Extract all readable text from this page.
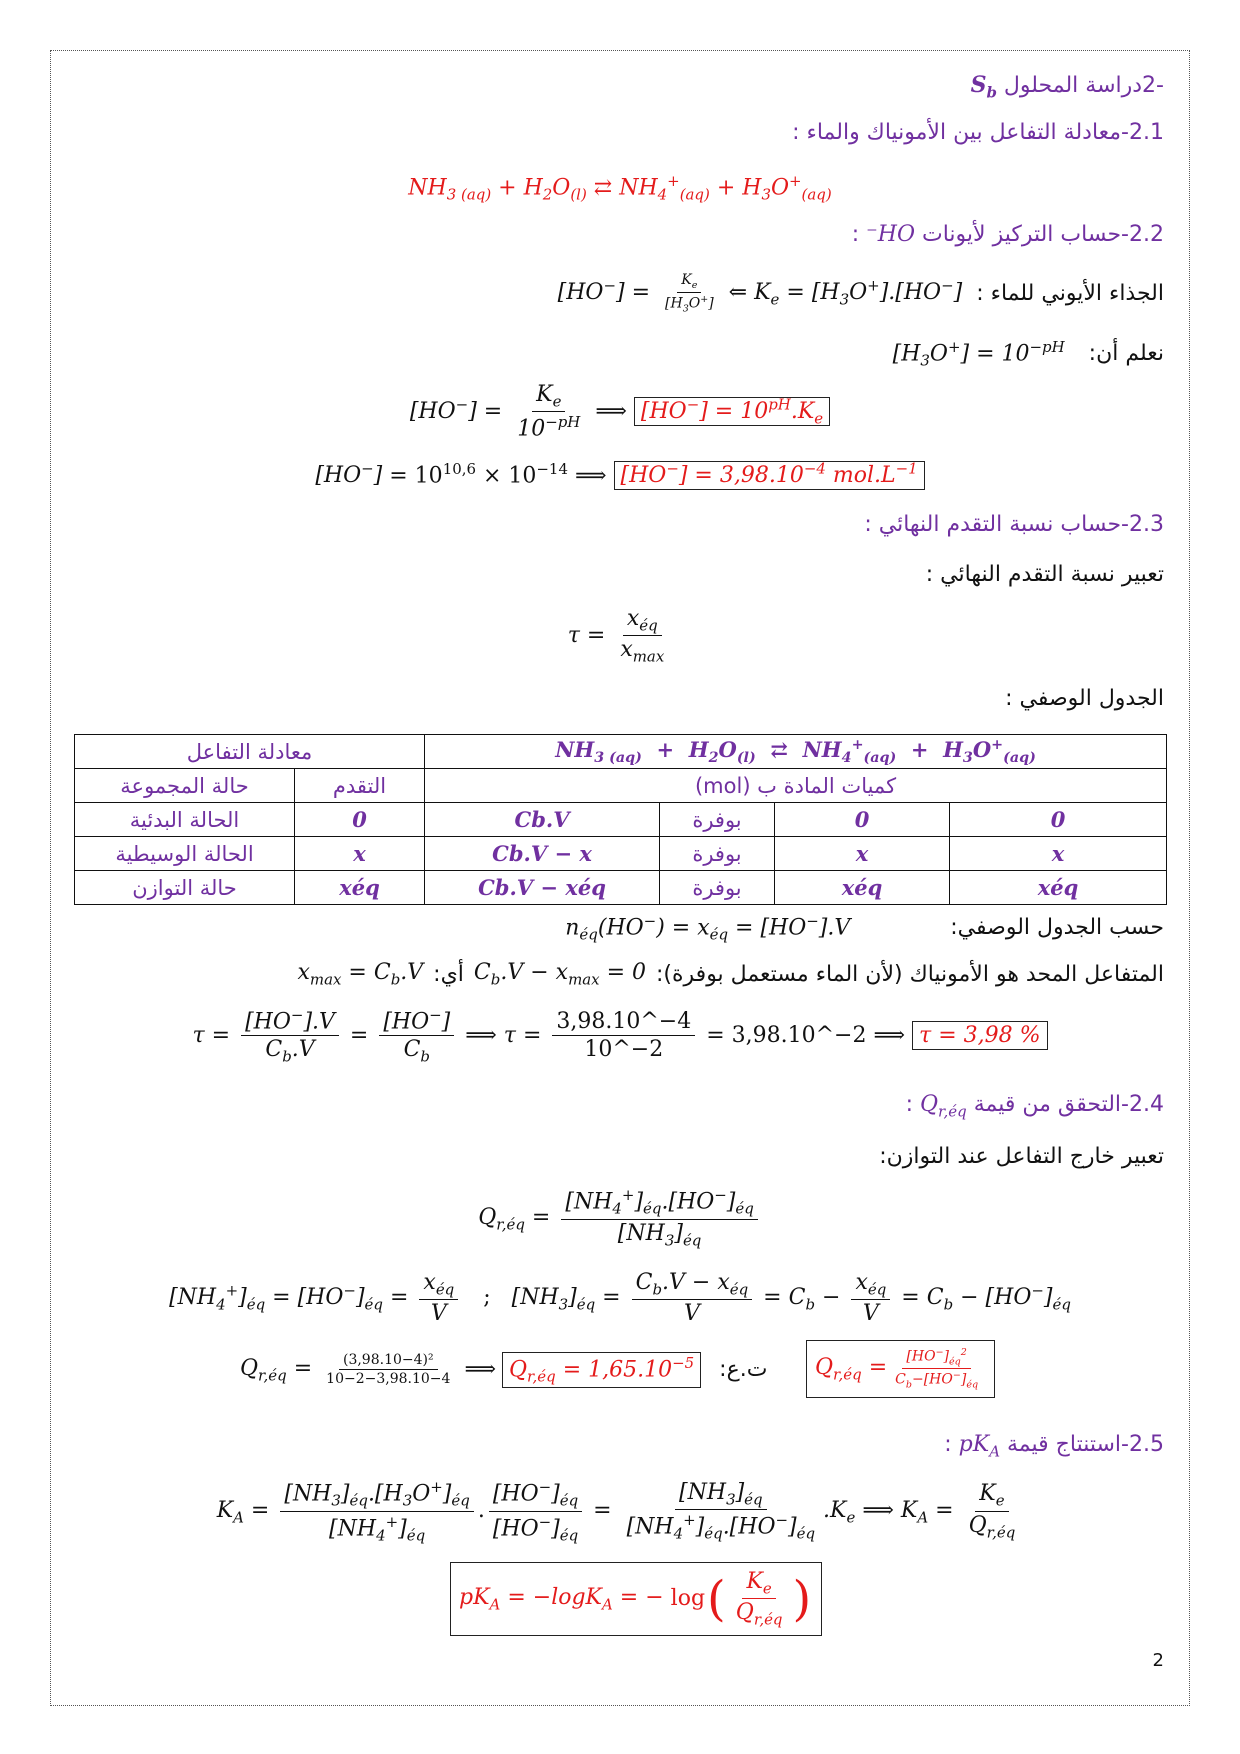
-2دراسة المحلول $S_b$
2.1-معادلة التفاعل بين الأمونياك والماء :
$NH_{3 (aq)} + H_2O_{(l)}$ ⇄ $NH_4^+_{(aq)} + H_3O^+_{(aq)}$
2.2-حساب التركيز لأيونات HO⁻ :
الجذاء الأيوني للماء :
$[HO^-] = \frac{K_e}{[H_3O^+]}$ ⇐ $K_e = [H_3O^+].[HO^-]$
نعلم أن:
$[H_3O^+] = 10^{-pH}$
$[HO^-] = \frac{K_e}{10^{-pH}}$ ⟹ $[HO^-] = 10^{pH}.K_e$
$[HO^-] = 10^{10,6} \times 10^{-14}$ ⟹ $[HO^-] = 3,98.10^{-4}$ $mol.L^{-1}$
2.3-حساب نسبة التقدم النهائي :
تعبير نسبة التقدم النهائي :
$\tau = \frac{x_{éq}}{x_{max}}$
الجدول الوصفي :
معادلة التفاعل		$NH_{3 (aq)} + H_2O_{(l)}$  ⇄  $NH_4^+_{(aq)} + H_3O^+_{(aq)}$
حالة المجموعة	التقدم	كميات المادة ب (mol)			
الحالة البدئية	0	Cb.V	بوفرة	0	0
الحالة الوسيطية	x	Cb.V − x	بوفرة	x	x
حالة التوازن	xéq	Cb.V − xéq	بوفرة	xéq	xéq
حسب الجدول الوصفي:
$n_{éq}(HO^-) = x_{éq} = [HO^-].V$
المتفاعل المحد هو الأمونياك (لأن الماء مستعمل بوفرة):
$C_b.V - x_{max} = 0$
أي:
$x_{max} = C_b.V$
$\tau = \frac{[HO^-].V}{C_b.V} = \frac{[HO^-]}{C_b}$ ⟹ $\tau = \frac{3,98.10\^{}-4}{10\^{}-2}$ = 3,98.10^−2 ⟹ τ = 3,98 %
2.4-التحقق من قيمة $Q_{r,éq}$ :
تعبير خارج التفاعل عند التوازن:
$Q_{r,éq} = \frac{[NH_4^+]_{éq}.[HO^-]_{éq}}{[NH_3]_{éq}}$
$[NH_4^+]_{éq} = [HO^-]_{éq} = \frac{x_{éq}}{V}$ ;   $[NH_3]_{éq} = \frac{C_b.V - x_{éq}}{V} = C_b - \frac{x_{éq}}{V} = C_b - [HO^-]_{éq}$
$Q_{r,éq} = \frac{\text{(3,98.10−4)²}}{10-2-3,98.10-4}$ ⟹ $Q_{r,éq} = 1,65.10^{-5}$	ت.ع: $Q_{r,éq} = \frac{[HO^-]_{éq}^2}{C_b-[HO^-]_{éq}}$
2.5-استنتاج قيمة $pK_A$ :
$K_A = \frac{[NH_3]_{éq}.[H_3O^+]_{éq}}{[NH_4^+]_{éq}}$ . $\frac{[HO^-]_{éq}}{[HO^-]_{éq}} = \frac{[NH_3]_{éq}}{[NH_4^+]_{éq}.[HO^-]_{éq}} .K_e$ ⟹ $K_A = \frac{K_e}{Q_{r,éq}}$
$pK_A = -\log K_A$ = − log ( $\frac{K_e}{Q_{r,éq}}$ )
2
